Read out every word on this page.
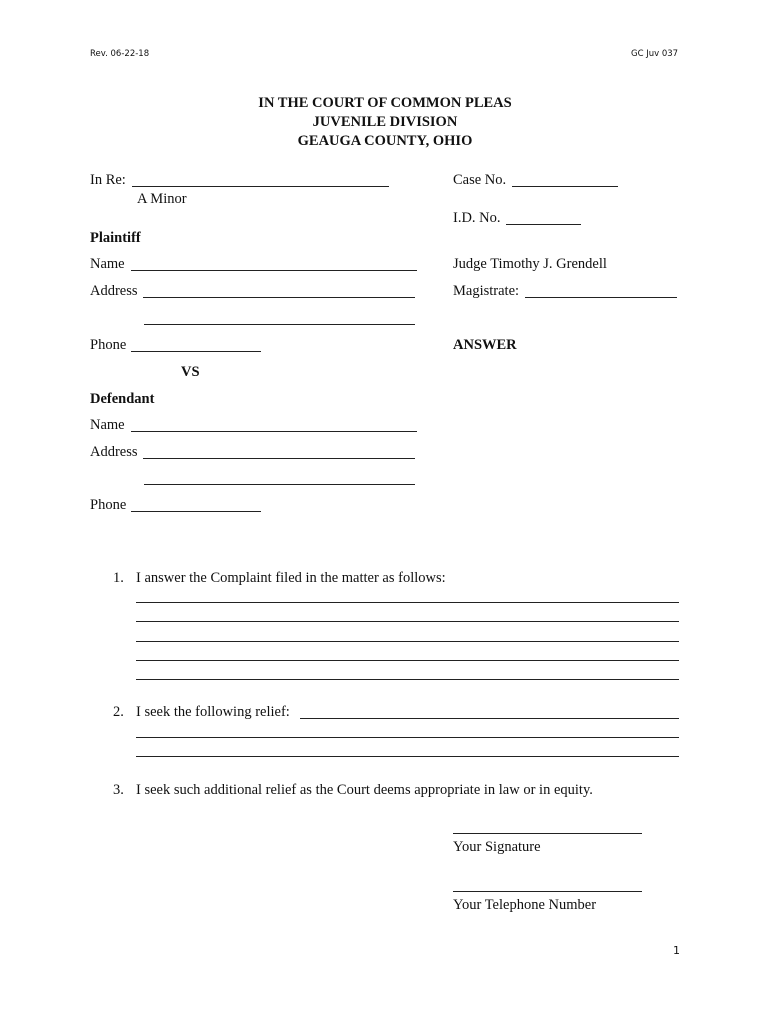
Rev. 06-22-18	GC Juv 037
IN THE COURT OF COMMON PLEAS
JUVENILE DIVISION
GEAUGA COUNTY, OHIO
In Re:
A Minor
Case No.
I.D. No.
Plaintiff
Name
Address
Phone
Judge Timothy J. Grendell
Magistrate:
ANSWER
VS
Defendant
Name
Address
Phone
1. I answer the Complaint filed in the matter as follows:
2. I seek the following relief:
3. I seek such additional relief as the Court deems appropriate in law or in equity.
Your Signature
Your Telephone Number
1
